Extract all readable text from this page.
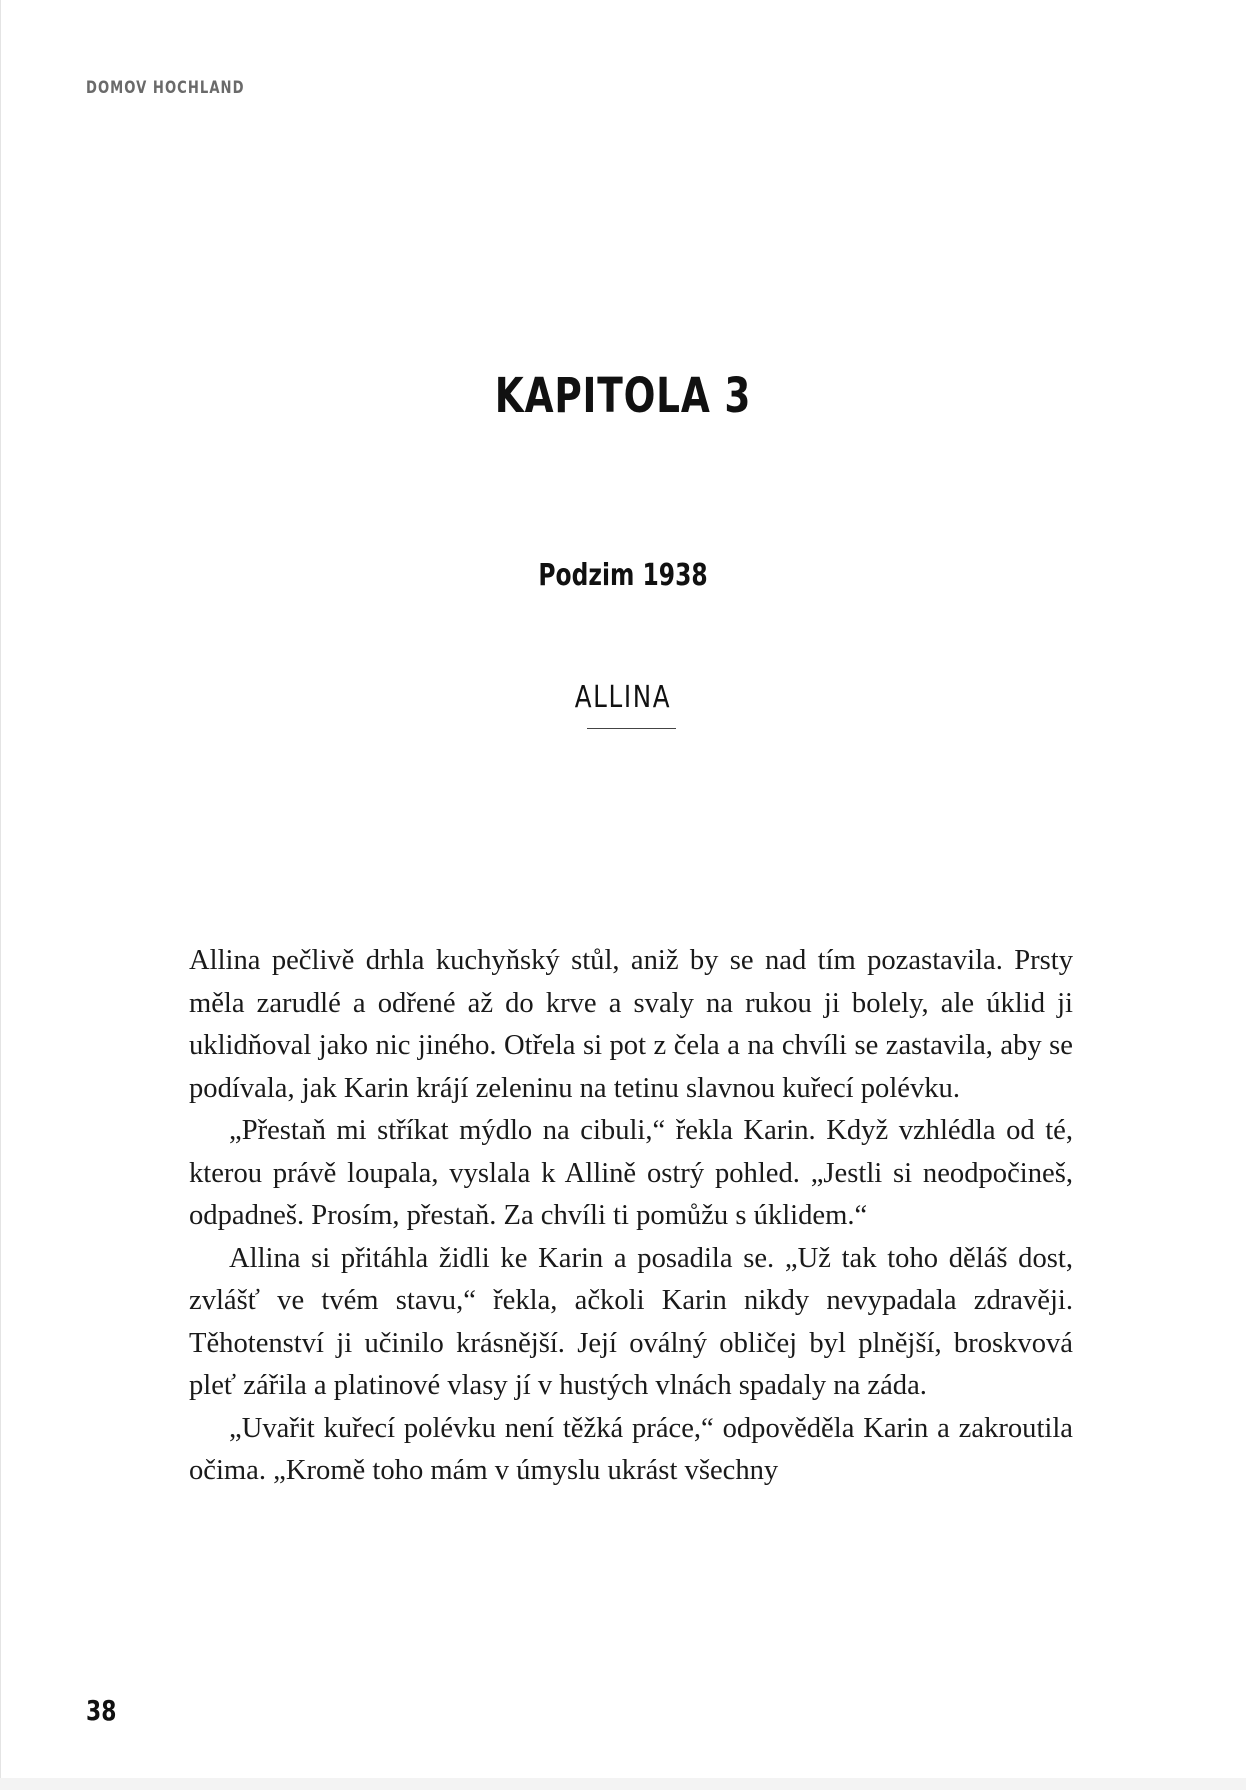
DOMOV HOCHLAND
KAPITOLA 3
Podzim 1938
ALLINA

Allina pečlivě drhla kuchyňský stůl, aniž by se nad tím pozastavila. Prsty měla zarudlé a odřené až do krve a svaly na rukou ji bolely, ale úklid ji uklidňoval jako nic jiného. Otřela si pot z čela a na chvíli se zastavila, aby se podívala, jak Karin krájí zeleninu na tetinu slavnou kuřecí polévku.

„Přestaň mi stříkat mýdlo na cibuli,“ řekla Karin. Když vzhlédla od té, kterou právě loupala, vyslala k Allině ostrý pohled. „Jestli si neodpočineš, odpadneš. Prosím, přestaň. Za chvíli ti pomůžu s úklidem.“

Allina si přitáhla židli ke Karin a posadila se. „Už tak toho děláš dost, zvlášť ve tvém stavu,“ řekla, ačkoli Karin nikdy nevypadala zdravěji. Těhotenství ji učinilo krásnější. Její oválný obličej byl plnější, broskvová pleť zářila a platinové vlasy jí v hustých vlnách spadaly na záda.

„Uvařit kuřecí polévku není těžká práce,“ odpověděla Karin a zakroutila očima. „Kromě toho mám v úmyslu ukrást všechny

38
